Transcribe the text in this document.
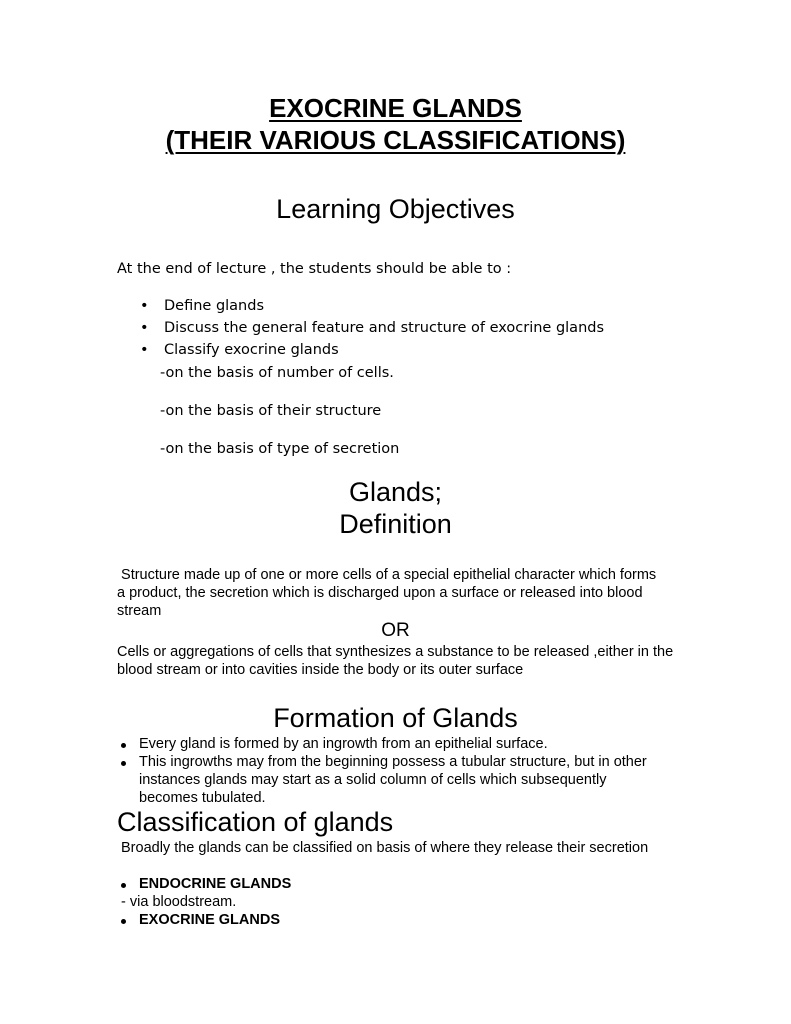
EXOCRINE GLANDS
(THEIR VARIOUS CLASSIFICATIONS)
Learning Objectives
At the end of lecture , the students should be able to :
• Define glands
• Discuss the general feature and structure of exocrine glands
• Classify exocrine glands
-on the basis of number of cells.
-on the basis of their structure
-on the basis of type of secretion
Glands;
Definition

Structure made up of one or more cells of a special epithelial character which forms a product, the secretion which is discharged upon a surface or released into blood stream

OR

Cells or aggregations of cells that synthesizes a substance to be released ,either in the blood stream or into cavities inside the body or its outer surface

Formation of Glands
Every gland is formed by an ingrowth from an epithelial surface.
This ingrowths may from the beginning possess a tubular structure, but in other instances glands may start as a solid column of cells which subsequently becomes tubulated.
Classification of glands

Broadly the glands can be classified on basis of where they release their secretion

ENDOCRINE GLANDS
- via bloodstream.
EXOCRINE GLANDS
